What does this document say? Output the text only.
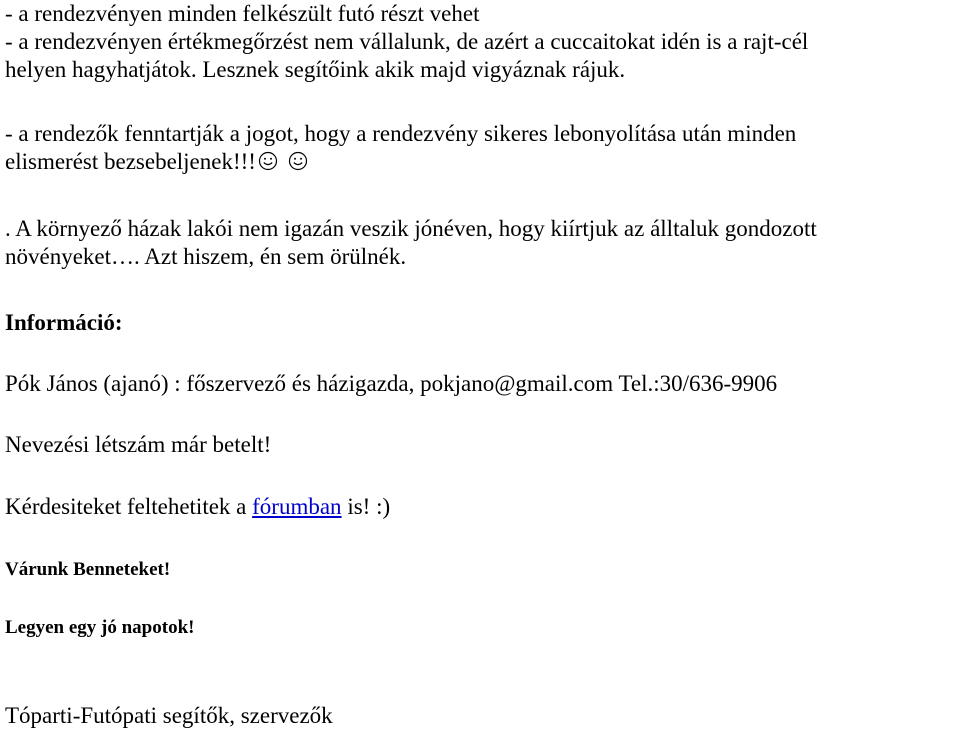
- a rendezvényen minden felkészült futó részt vehet
- a rendezvényen értékmegőrzést nem vállalunk, de azért a cuccaitokat idén is a rajt-cél
helyen hagyhatjátok. Lesznek segítőink akik majd vigyáznak rájuk.
- a rendezők fenntartják a jogot, hogy a rendezvény sikeres lebonyolítása után minden
elismerést bezsebeljenek!!!
. A környező házak lakói nem igazán veszik jónéven, hogy kiírtjuk az álltaluk gondozott
növényeket…. Azt hiszem, én sem örülnék.
Információ:
Pók János (ajanó) : főszervező és házigazda, pokjano@gmail.com Tel.:30/636-9906
Nevezési létszám már betelt!
Kérdesiteket feltehetitek a fórumban is! :)
Várunk Benneteket!
Legyen egy jó napotok!
Tóparti-Futópati segítők, szervezők
